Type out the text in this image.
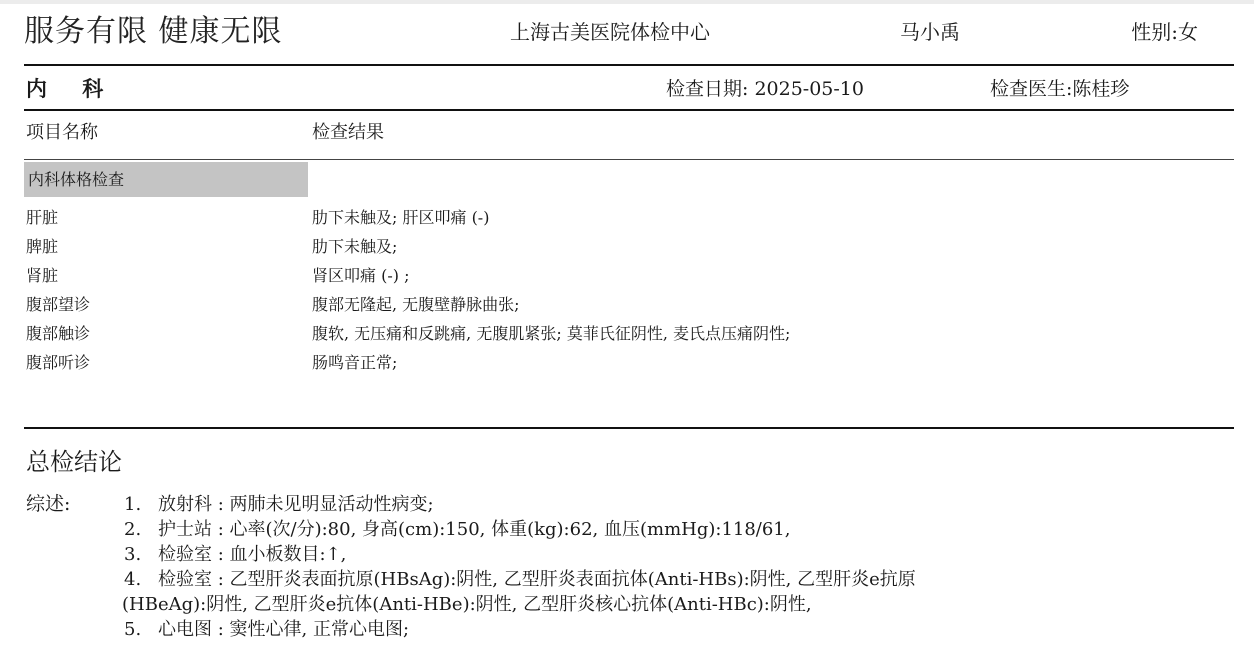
服务有限 健康无限	上海古美医院体检中心	马小禹	性别:女
内 科	检查日期: 2025-05-10	检查医生:陈桂珍
项目名称	检查结果
内科体格检查
肝脏	肋下未触及; 肝区叩痛 (-)
脾脏	肋下未触及;
肾脏	肾区叩痛 (-) ;
腹部望诊	腹部无隆起, 无腹壁静脉曲张;
腹部触诊	腹软, 无压痛和反跳痛, 无腹肌紧张; 莫菲氏征阴性, 麦氏点压痛阴性;
腹部听诊	肠鸣音正常;
总检结论
综述:	1. 放射科 : 两肺未见明显活动性病变;
2. 护士站 : 心率(次/分):80, 身高(cm):150, 体重(kg):62, 血压(mmHg):118/61,
3. 检验室 : 血小板数目:↑,
4. 检验室 : 乙型肝炎表面抗原(HBsAg):阴性, 乙型肝炎表面抗体(Anti-HBs):阴性, 乙型肝炎e抗原
(HBeAg):阴性, 乙型肝炎e抗体(Anti-HBe):阴性, 乙型肝炎核心抗体(Anti-HBc):阴性,
5. 心电图 : 窦性心律, 正常心电图;
